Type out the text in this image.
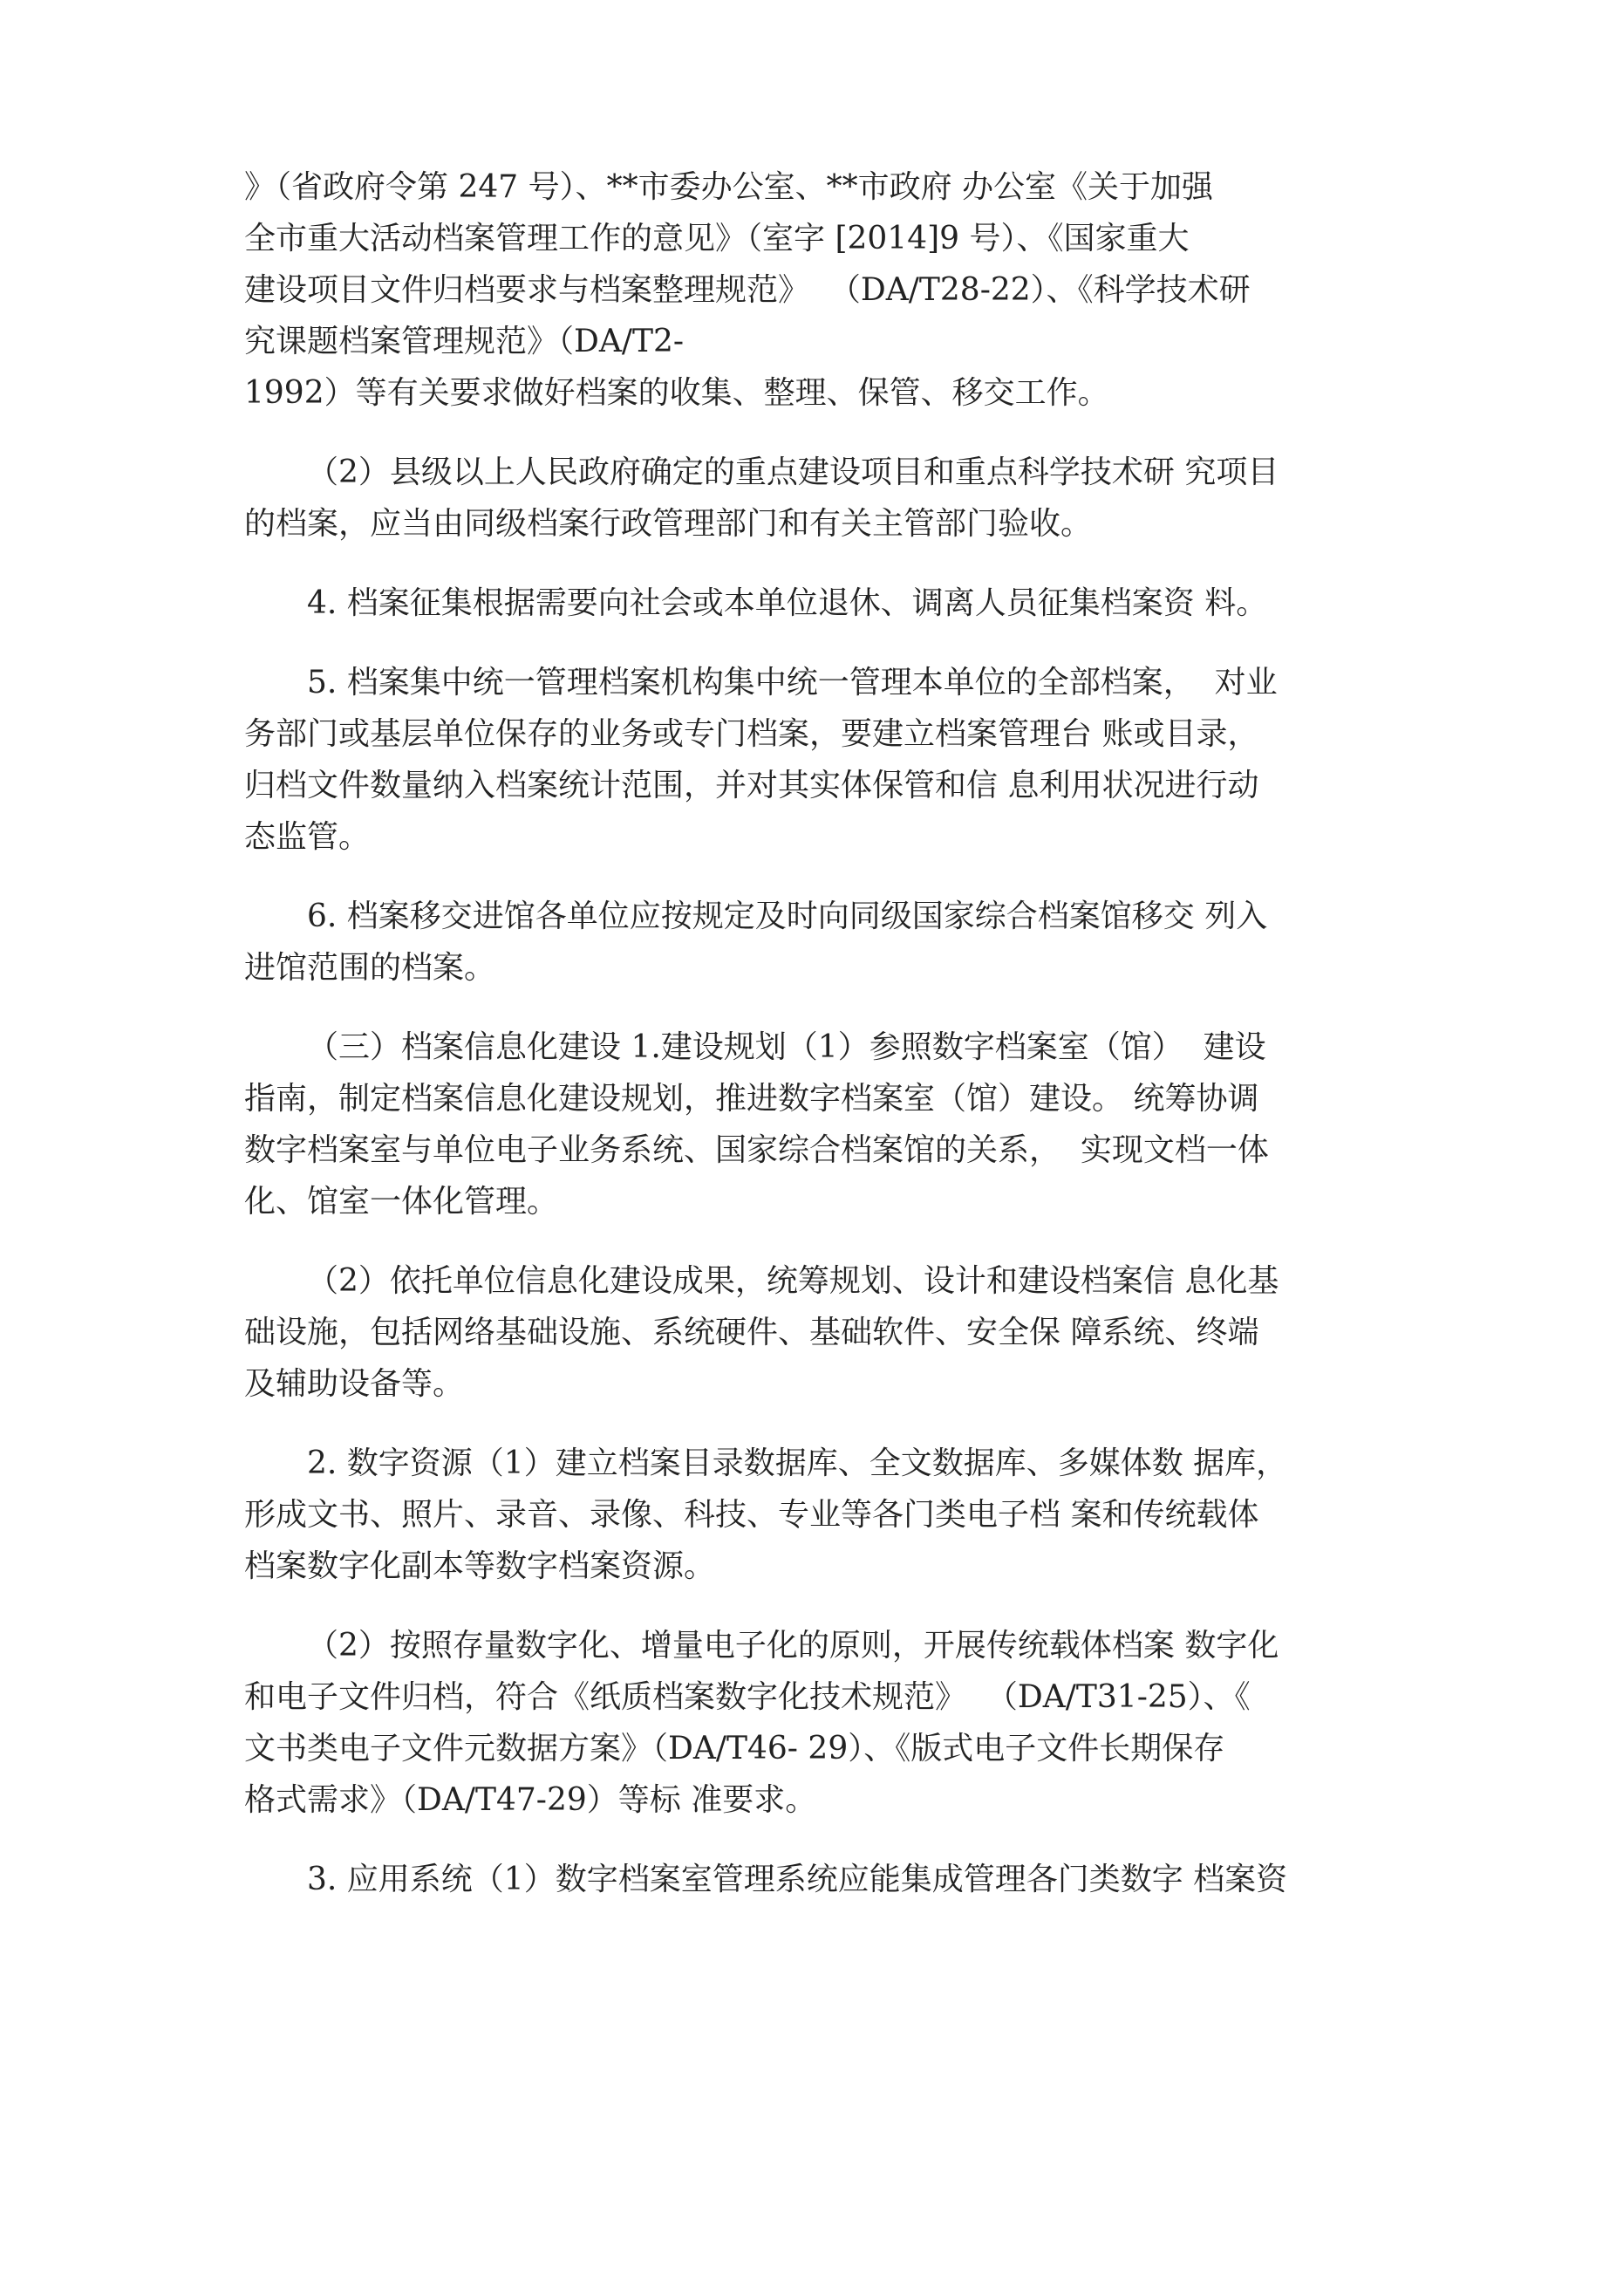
》（省政府令第 247 号）、**市委办公室、**市政府 办公室《关于加强
全市重大活动档案管理工作的意见》（室字 [2014]9 号）、《国家重大
建设项目文件归档要求与档案整理规范》  （DA/T28-22）、《科学技术研
究课题档案管理规范》（DA/T2-
1992）等有关要求做好档案的收集、整理、保管、移交工作。
（2）县级以上人民政府确定的重点建设项目和重点科学技术研 究项目
的档案，应当由同级档案行政管理部门和有关主管部门验收。
4. 档案征集根据需要向社会或本单位退休、调离人员征集档案资 料。
5. 档案集中统一管理档案机构集中统一管理本单位的全部档案，  对业
务部门或基层单位保存的业务或专门档案，要建立档案管理台 账或目录，
归档文件数量纳入档案统计范围，并对其实体保管和信 息利用状况进行动
态监管。
6. 档案移交进馆各单位应按规定及时向同级国家综合档案馆移交 列入
进馆范围的档案。
（三）档案信息化建设 1.建设规划（1）参照数字档案室（馆）  建设
指南，制定档案信息化建设规划，推进数字档案室（馆）建设。 统筹协调
数字档案室与单位电子业务系统、国家综合档案馆的关系，  实现文档一体
化、馆室一体化管理。
（2）依托单位信息化建设成果，统筹规划、设计和建设档案信 息化基
础设施，包括网络基础设施、系统硬件、基础软件、安全保 障系统、终端
及辅助设备等。
2. 数字资源（1）建立档案目录数据库、全文数据库、多媒体数 据库，
形成文书、照片、录音、录像、科技、专业等各门类电子档 案和传统载体
档案数字化副本等数字档案资源。
（2）按照存量数字化、增量电子化的原则，开展传统载体档案 数字化
和电子文件归档，符合《纸质档案数字化技术规范》  （DA/T31-25）、《
文书类电子文件元数据方案》（DA/T46- 29）、《版式电子文件长期保存
格式需求》（DA/T47-29）等标 准要求。
3. 应用系统（1）数字档案室管理系统应能集成管理各门类数字 档案资
